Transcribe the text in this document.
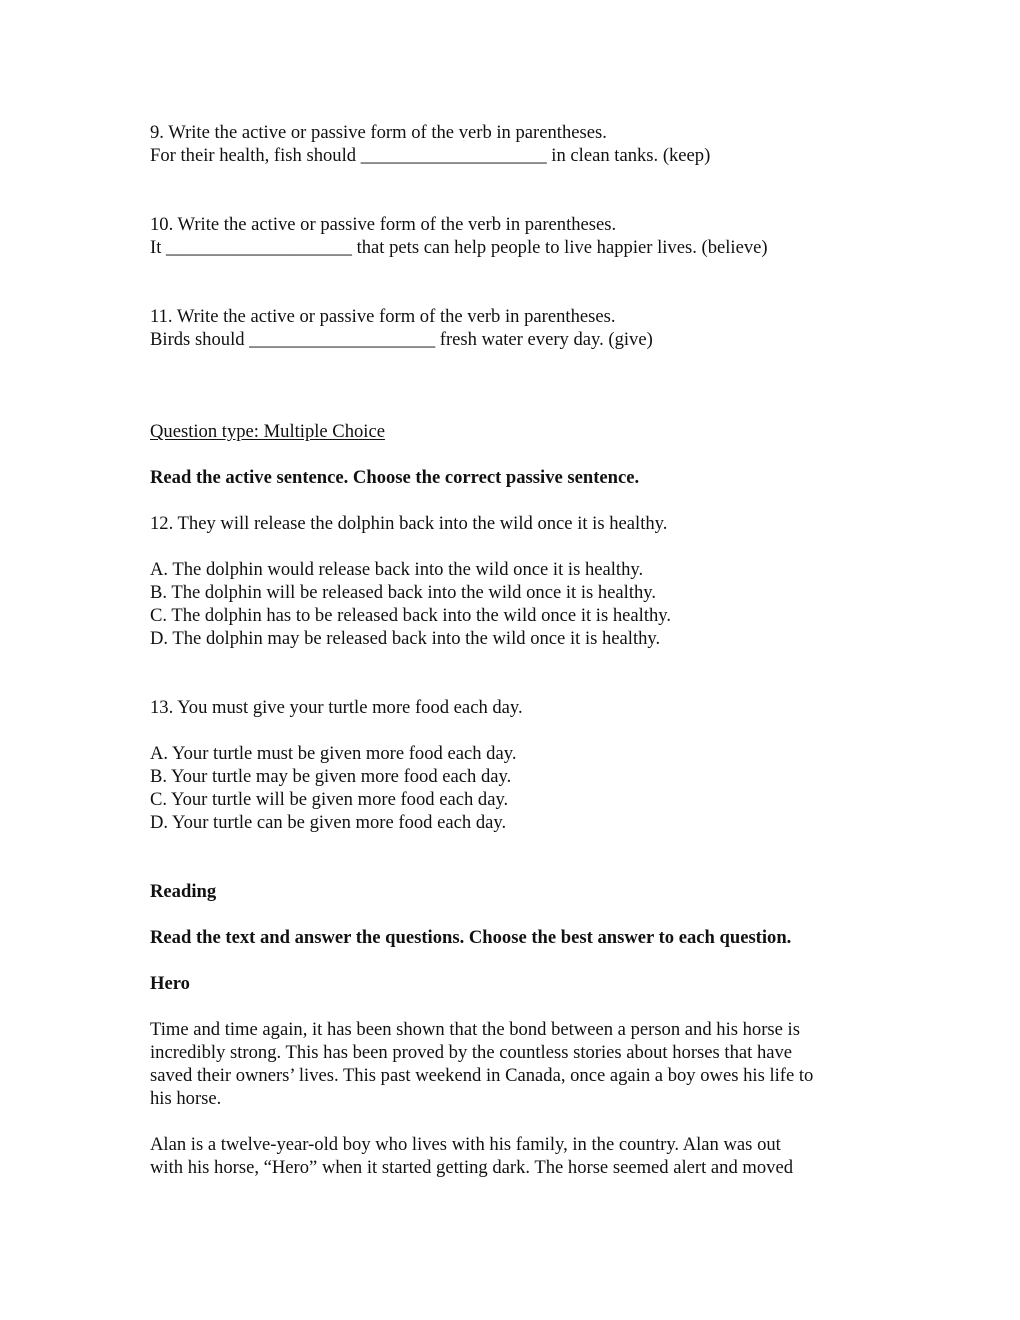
9. Write the active or passive form of the verb in parentheses.
For their health, fish should ____________________ in clean tanks. (keep)
10. Write the active or passive form of the verb in parentheses.
It ____________________ that pets can help people to live happier lives. (believe)
11. Write the active or passive form of the verb in parentheses.
Birds should ____________________ fresh water every day. (give)
Question type: Multiple Choice
Read the active sentence. Choose the correct passive sentence.
12. They will release the dolphin back into the wild once it is healthy.
A. The dolphin would release back into the wild once it is healthy.
B. The dolphin will be released back into the wild once it is healthy.
C. The dolphin has to be released back into the wild once it is healthy.
D. The dolphin may be released back into the wild once it is healthy.
13. You must give your turtle more food each day.
A. Your turtle must be given more food each day.
B. Your turtle may be given more food each day.
C. Your turtle will be given more food each day.
D. Your turtle can be given more food each day.
Reading
Read the text and answer the questions. Choose the best answer to each question.
Hero
Time and time again, it has been shown that the bond between a person and his horse is
incredibly strong. This has been proved by the countless stories about horses that have
saved their owners’ lives. This past weekend in Canada, once again a boy owes his life to
his horse.
Alan is a twelve-year-old boy who lives with his family, in the country. Alan was out
with his horse, “Hero” when it started getting dark. The horse seemed alert and moved
